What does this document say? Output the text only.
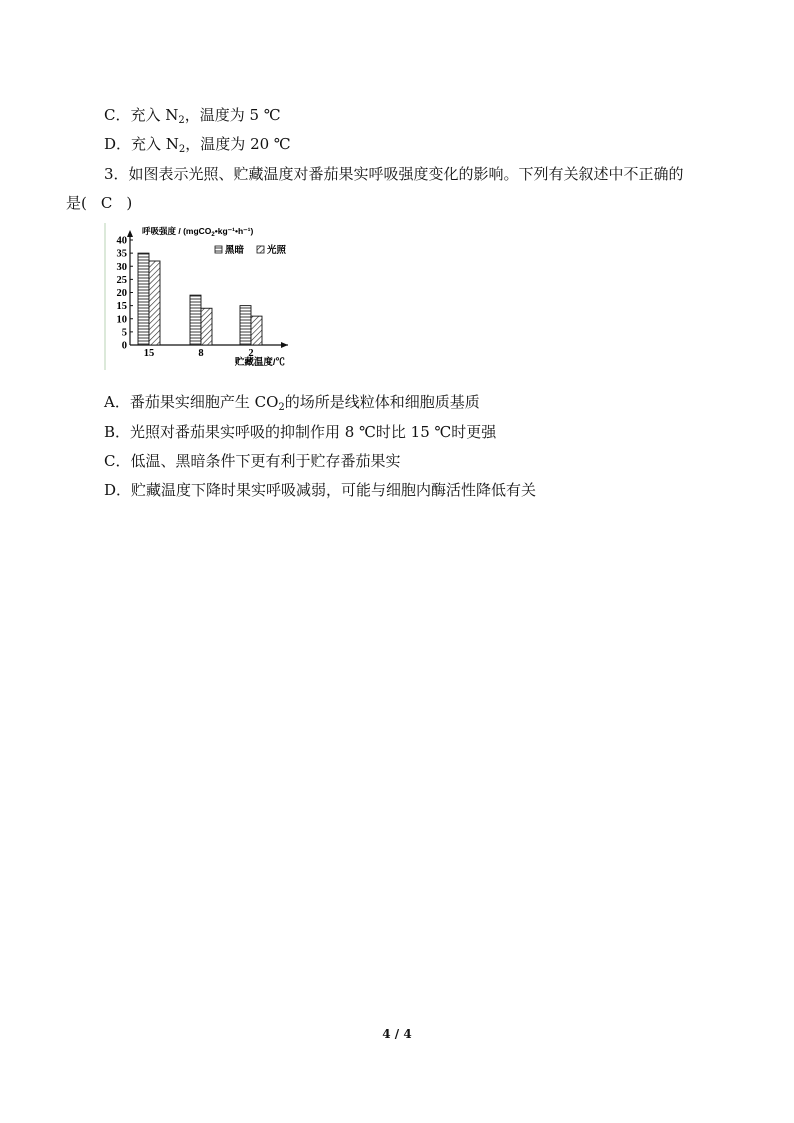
C．充入 $N_2$，温度为 5 ℃
D．充入 $N_2$，温度为 20 ℃
3．如图表示光照、贮藏温度对番茄果实呼吸强度变化的影响。下列有关叙述中不正确的
是( C )
0
5
10
15
20
25
30
35
40
呼吸强度 / (mgCO$_2$•kg⁻¹•h⁻¹)
黑暗 光照
15	8	2
贮藏温度/℃
A．番茄果实细胞产生 $CO_2$的场所是线粒体和细胞质基质
B．光照对番茄果实呼吸的抑制作用 8 ℃时比 15 ℃时更强
C．低温、黑暗条件下更有利于贮存番茄果实
D．贮藏温度下降时果实呼吸减弱，可能与细胞内酶活性降低有关
4 / 4
